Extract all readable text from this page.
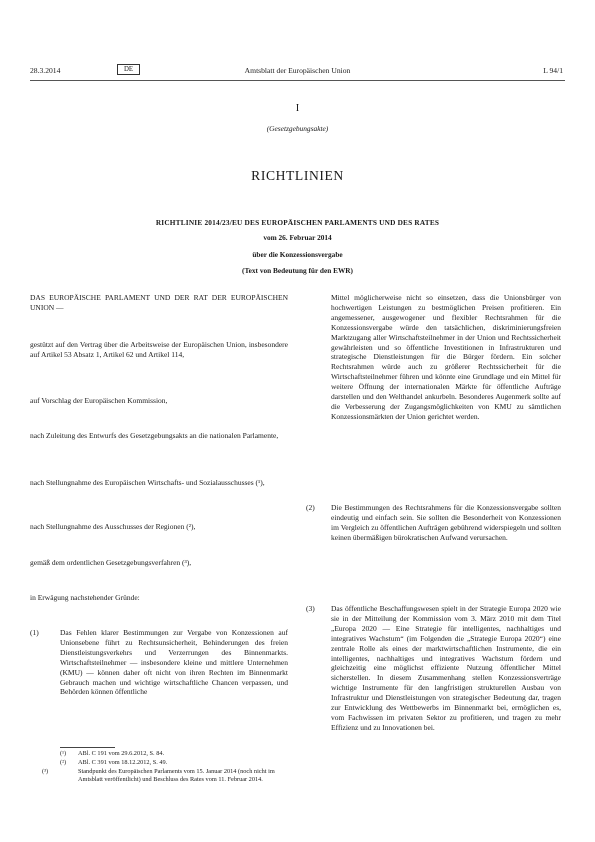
28.3.2014	DE	Amtsblatt der Europäischen Union	L 94/1
I
(Gesetzgebungsakte)
RICHTLINIEN
RICHTLINIE 2014/23/EU DES EUROPÄISCHEN PARLAMENTS UND DES RATES
vom 26. Februar 2014
über die Konzessionsvergabe
(Text von Bedeutung für den EWR)

DAS EUROPÄISCHE PARLAMENT UND DER RAT DER EUROPÄISCHEN UNION —

gestützt auf den Vertrag über die Arbeitsweise der Europäischen Union, insbesondere auf Artikel 53 Absatz 1, Artikel 62 und Artikel 114,

auf Vorschlag der Europäischen Kommission,

nach Zuleitung des Entwurfs des Gesetzgebungsakts an die nationalen Parlamente,

nach Stellungnahme des Europäischen Wirtschafts- und Sozialausschusses (¹),

nach Stellungnahme des Ausschusses der Regionen (²),

gemäß dem ordentlichen Gesetzgebungsverfahren (³),

in Erwägung nachstehender Gründe:

(1)	Das Fehlen klarer Bestimmungen zur Vergabe von Konzessionen auf Unionsebene führt zu Rechtsunsicherheit, Behinderungen des freien Dienstleistungsverkehrs und Verzerrungen des Binnenmarkts. Wirtschaftsteilnehmer — insbesondere kleine und mittlere Unternehmen (KMU) — können daher oft nicht von ihren Rechten im Binnenmarkt Gebrauch machen und wichtige wirtschaftliche Chancen verpassen, und Behörden können öffentliche

(¹) ABl. C 191 vom 29.6.2012, S. 84.
(²) ABl. C 391 vom 18.12.2012, S. 49.
(³)	Standpunkt des Europäischen Parlaments vom 15. Januar 2014 (noch nicht im Amtsblatt veröffentlicht) und Beschluss des Rates vom 11. Februar 2014.

Mittel möglicherweise nicht so einsetzen, dass die Unionsbürger von hochwertigen Leistungen zu bestmöglichen Preisen profitieren. Ein angemessener, ausgewogener und flexibler Rechtsrahmen für die Konzessionsvergabe würde den tatsächlichen, diskriminierungsfreien Marktzugang aller Wirtschaftsteilnehmer in der Union und Rechtssicherheit gewährleisten und so öffentliche Investitionen in Infrastrukturen und strategische Dienstleistungen für die Bürger fördern. Ein solcher Rechtsrahmen würde auch zu größerer Rechtssicherheit für die Wirtschaftsteilnehmer führen und könnte eine Grundlage und ein Mittel für weitere Öffnung der internationalen Märkte für öffentliche Aufträge darstellen und den Welthandel ankurbeln. Besonderes Augenmerk sollte auf die Verbesserung der Zugangsmöglichkeiten von KMU zu sämtlichen Konzessionsmärkten der Union gerichtet werden.

(2) Die Bestimmungen des Rechtsrahmens für die Konzessionsvergabe sollten eindeutig und einfach sein. Sie sollten die Besonderheit von Konzessionen im Vergleich zu öffentlichen Aufträgen gebührend widerspiegeln und sollten keinen übermäßigen bürokratischen Aufwand verursachen.

(3) Das öffentliche Beschaffungswesen spielt in der Strategie Europa 2020 wie sie in der Mitteilung der Kommission vom 3. März 2010 mit dem Titel „Europa 2020 — Eine Strategie für intelligentes, nachhaltiges und integratives Wachstum“ (im Folgenden die „Strategie Europa 2020“) eine zentrale Rolle als eines der marktwirtschaftlichen Instrumente, die ein intelligentes, nachhaltiges und integratives Wachstum fördern und gleichzeitig eine möglichst effiziente Nutzung öffentlicher Mittel sicherstellen. In diesem Zusammenhang stellen Konzessionsverträge wichtige Instrumente für den langfristigen strukturellen Ausbau von Infrastruktur und Dienstleistungen von strategischer Bedeutung dar, tragen zur Entwicklung des Wettbewerbs im Binnenmarkt bei, ermöglichen es, vom Fachwissen im privaten Sektor zu profitieren, und tragen zu mehr Effizienz und zu Innovationen bei.
